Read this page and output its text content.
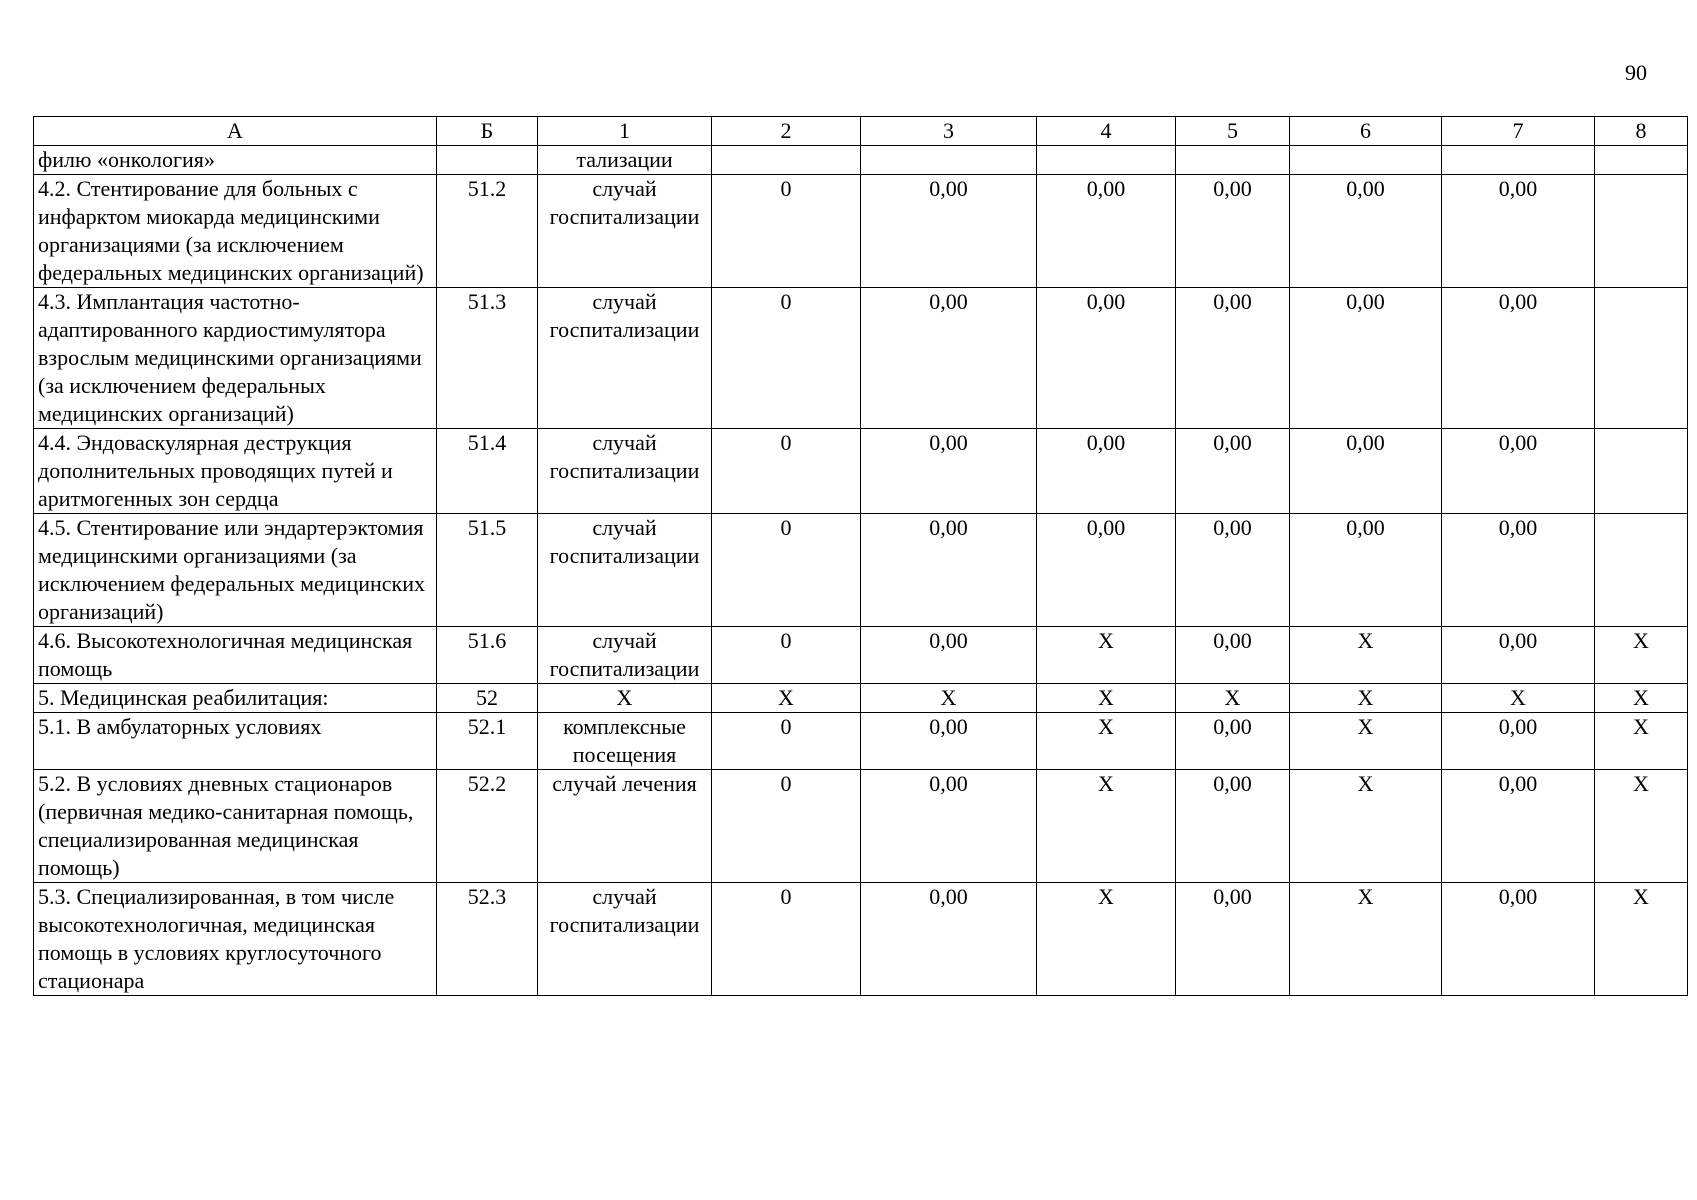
90
А	Б	1	2	3	4	5	6	7	8
филю «онкология»		тализации							
4.2. Стентирование для больных с инфарктом миокарда медицинскими организациями (за исключением федеральных медицинских организаций)	51.2	случай госпитализации	0	0,00	0,00	0,00	0,00	0,00	
4.3. Имплантация частотно-адаптированного кардиостимулятора взрослым медицинскими организациями (за исключением федеральных медицинских организаций)	51.3	случай госпитализации	0	0,00	0,00	0,00	0,00	0,00	
4.4. Эндоваскулярная деструкция дополнительных проводящих путей и аритмогенных зон сердца	51.4	случай госпитализации	0	0,00	0,00	0,00	0,00	0,00	
4.5. Стентирование или эндартерэктомия медицинскими организациями (за исключением федеральных медицинских организаций)	51.5	случай госпитализации	0	0,00	0,00	0,00	0,00	0,00	
4.6. Высокотехнологичная медицинская помощь	51.6	случай госпитализации	0	0,00	Х	0,00	Х	0,00	Х
5. Медицинская реабилитация:	52	Х	Х	Х	Х	Х	Х	Х	Х
5.1. В амбулаторных условиях	52.1	комплексные посещения	0	0,00	Х	0,00	Х	0,00	Х
5.2. В условиях дневных стационаров (первичная медико-санитарная помощь, специализированная медицинская помощь)	52.2	случай лечения	0	0,00	Х	0,00	Х	0,00	Х
5.3. Специализированная, в том числе высокотехнологичная, медицинская помощь в условиях круглосуточного стационара	52.3	случай госпитализации	0	0,00	Х	0,00	Х	0,00	Х
